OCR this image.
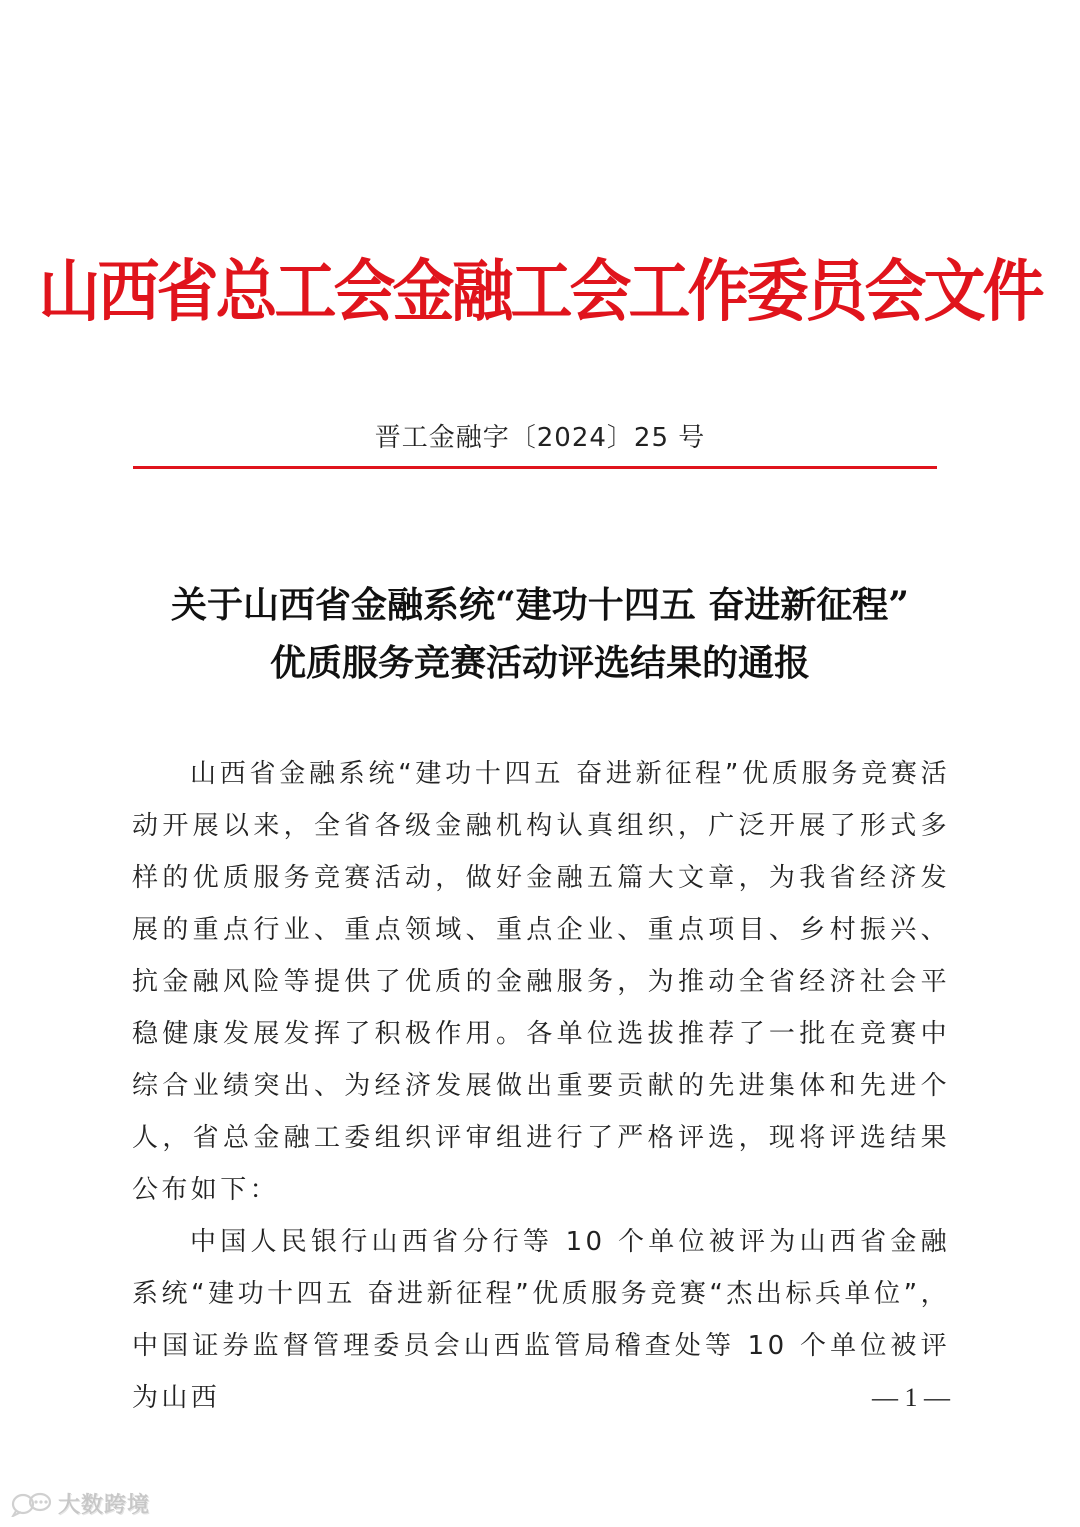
山西省总工会金融工会工作委员会文件
晋工金融字〔2024〕25 号
关于山西省金融系统“建功十四五 奋进新征程”
优质服务竞赛活动评选结果的通报

山西省金融系统“建功十四五 奋进新征程”优质服务竞赛活动开展以来，全省各级金融机构认真组织，广泛开展了形式多样的优质服务竞赛活动，做好金融五篇大文章，为我省经济发展的重点行业、重点领域、重点企业、重点项目、乡村振兴、抗金融风险等提供了优质的金融服务，为推动全省经济社会平稳健康发展发挥了积极作用。各单位选拔推荐了一批在竞赛中综合业绩突出、为经济发展做出重要贡献的先进集体和先进个人，省总金融工委组织评审组进行了严格评选，现将评选结果公布如下：

中国人民银行山西省分行等 10 个单位被评为山西省金融系统“建功十四五 奋进新征程”优质服务竞赛“杰出标兵单位”，中国证券监督管理委员会山西监管局稽查处等 10 个单位被评为山西	— 1 —
大数跨境
